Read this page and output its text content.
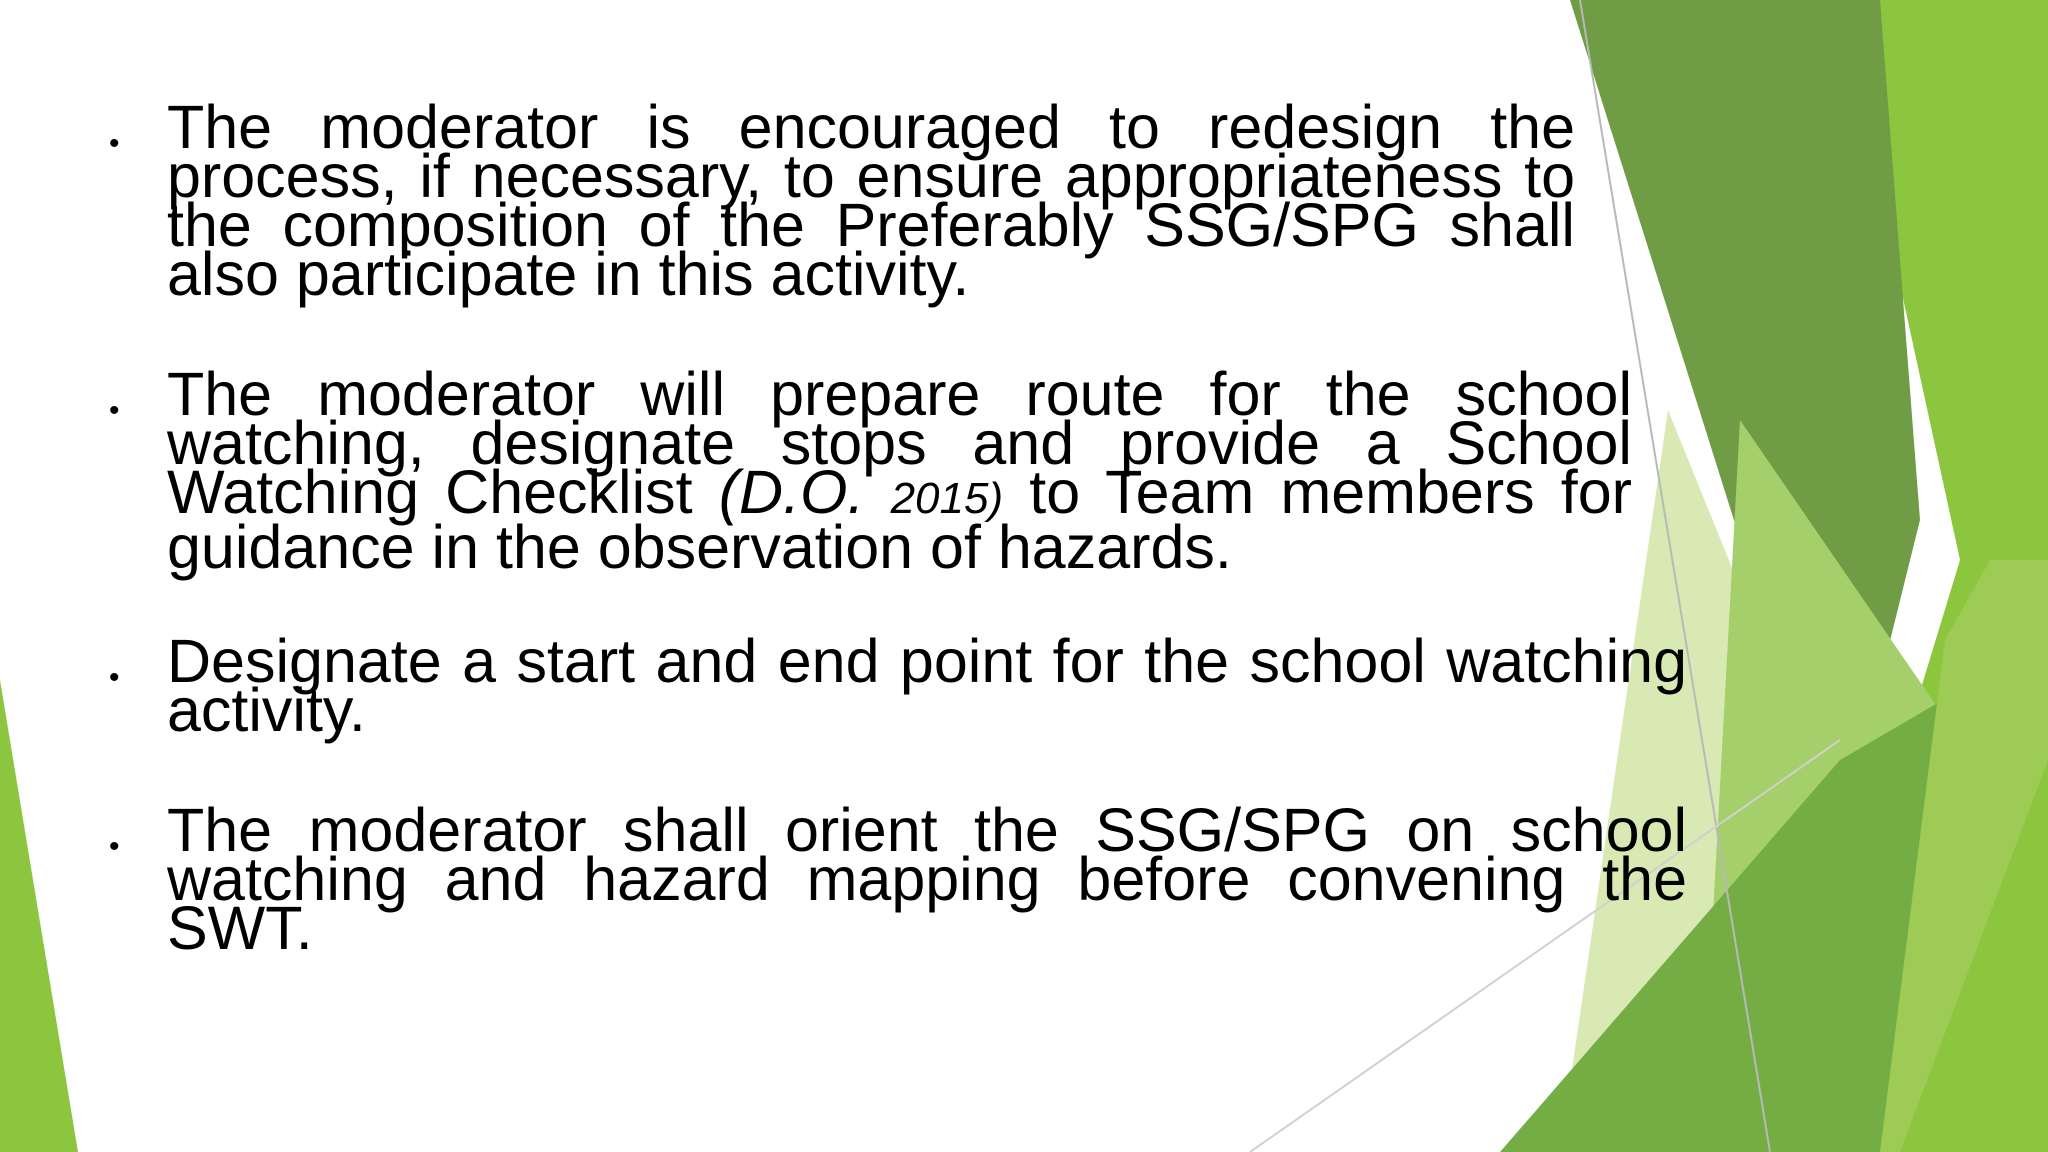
• The moderator is encouraged to redesign the process, if necessary, to ensure appropriateness to the composition of the Preferably SSG/SPG shall also participate in this activity.

• The moderator will prepare route for the school watching, designate stops and provide a School Watching Checklist (D.O. 2015) to Team members for guidance in the observation of hazards.

• Designate a start and end point for the school watching activity.

• The moderator shall orient the SSG/SPG on school watching and hazard mapping before convening the SWT.
